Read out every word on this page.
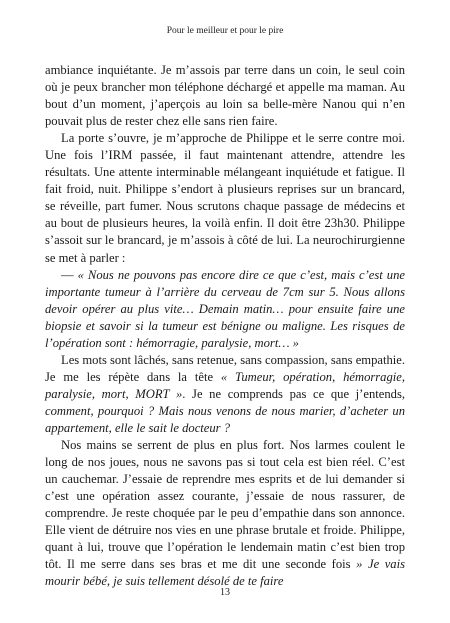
Pour le meilleur et pour le pire

ambiance inquiétante. Je m’assois par terre dans un coin, le seul coin où je peux brancher mon téléphone déchargé et appelle ma maman. Au bout d’un moment, j’aperçois au loin sa belle-mère Nanou qui n’en pouvait plus de rester chez elle sans rien faire.

La porte s’ouvre, je m’approche de Philippe et le serre contre moi. Une fois l’IRM passée, il faut maintenant attendre, attendre les résultats. Une attente interminable mélangeant inquiétude et fatigue. Il fait froid, nuit. Philippe s’endort à plusieurs reprises sur un brancard, se réveille, part fumer. Nous scrutons chaque passage de médecins et au bout de plusieurs heures, la voilà enfin. Il doit être 23h30. Philippe s’assoit sur le brancard, je m’assois à côté de lui. La neurochirurgienne se met à parler :

— « Nous ne pouvons pas encore dire ce que c’est, mais c’est une importante tumeur à l’arrière du cerveau de 7cm sur 5. Nous allons devoir opérer au plus vite… Demain matin… pour ensuite faire une biopsie et savoir si la tumeur est bénigne ou maligne. Les risques de l’opération sont : hémorragie, paralysie, mort… »

Les mots sont lâchés, sans retenue, sans compassion, sans empathie. Je me les répète dans la tête « Tumeur, opération, hémorragie, paralysie, mort, MORT ». Je ne comprends pas ce que j’entends, comment, pourquoi ? Mais nous venons de nous marier, d’acheter un appartement, elle le sait le docteur ?

Nos mains se serrent de plus en plus fort. Nos larmes coulent le long de nos joues, nous ne savons pas si tout cela est bien réel. C’est un cauchemar. J’essaie de reprendre mes esprits et de lui demander si c’est une opération assez courante, j’essaie de nous rassurer, de comprendre. Je reste choquée par le peu d’empathie dans son annonce. Elle vient de détruire nos vies en une phrase brutale et froide. Philippe, quant à lui, trouve que l’opération le lendemain matin c’est bien trop tôt. Il me serre dans ses bras et me dit une seconde fois » Je vais mourir bébé, je suis tellement désolé de te faire

13
